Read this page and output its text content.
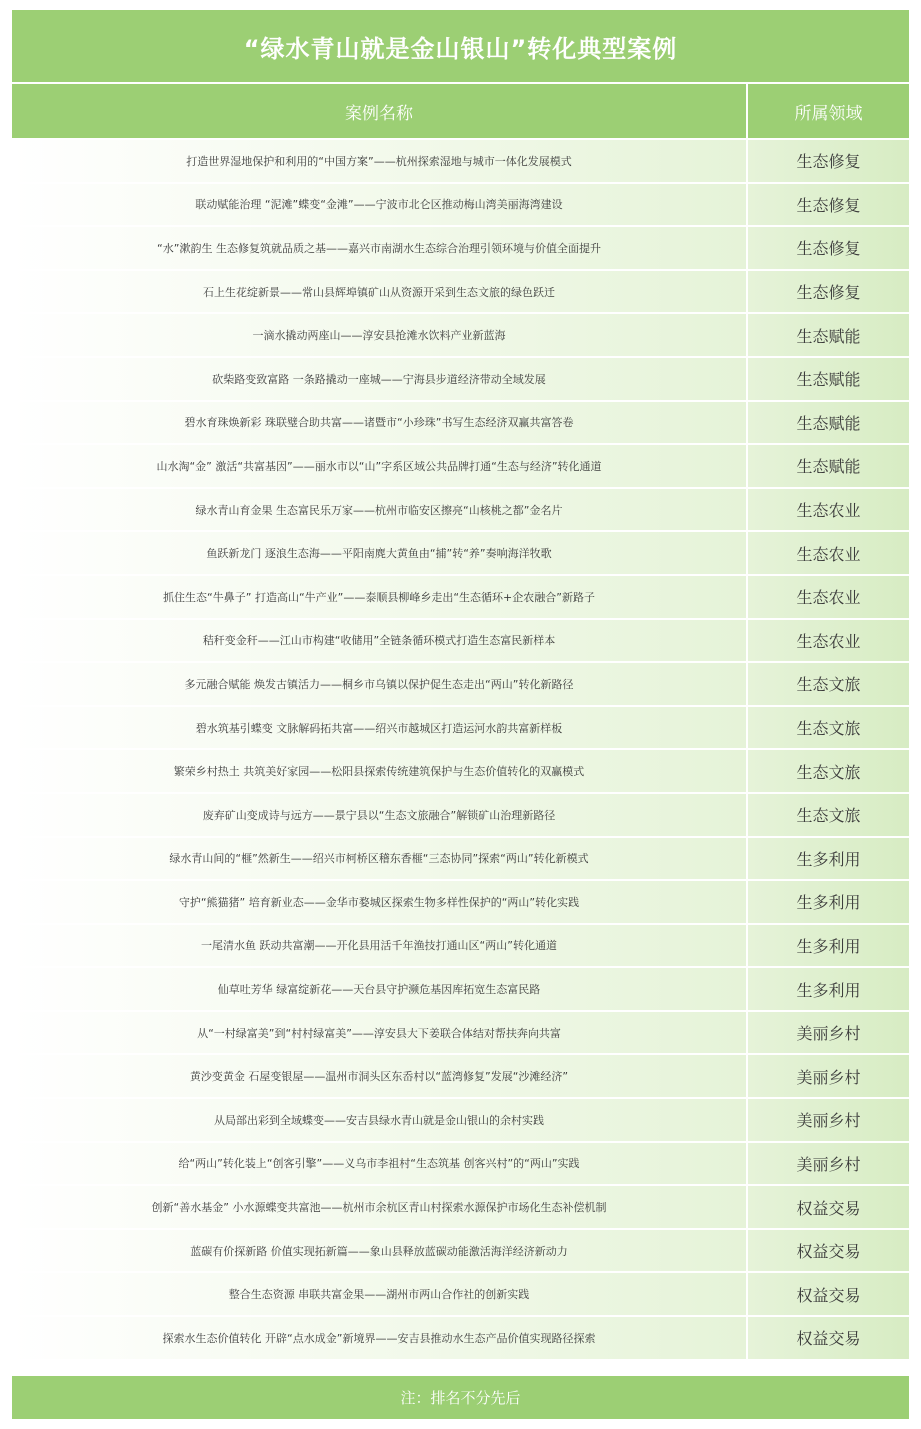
“绿水青山就是金山银山”转化典型案例
案例名称	所属领域
打造世界湿地保护和利用的“中国方案”——杭州探索湿地与城市一体化发展模式	生态修复
联动赋能治理 “泥滩”蝶变“金滩”——宁波市北仑区推动梅山湾美丽海湾建设	生态修复
“水”漱韵生 生态修复筑就品质之基——嘉兴市南湖水生态综合治理引领环境与价值全面提升	生态修复
石上生花绽新景——常山县辉埠镇矿山从资源开采到生态文旅的绿色跃迁	生态修复
一滴水撬动两座山——淳安县抢滩水饮料产业新蓝海	生态赋能
砍柴路变致富路 一条路撬动一座城——宁海县步道经济带动全域发展	生态赋能
碧水育珠焕新彩 珠联璧合助共富——诸暨市“小珍珠”书写生态经济双赢共富答卷	生态赋能
山水淘“金” 激活“共富基因”——丽水市以“山”字系区域公共品牌打通“生态与经济”转化通道	生态赋能
绿水青山育金果 生态富民乐万家——杭州市临安区擦亮“山核桃之都”金名片	生态农业
鱼跃新龙门 逐浪生态海——平阳南麂大黄鱼由“捕”转“养”奏响海洋牧歌	生态农业
抓住生态“牛鼻子” 打造高山“牛产业”——泰顺县柳峰乡走出“生态循环+企农融合”新路子	生态农业
秸秆变金秆——江山市构建“收储用”全链条循环模式打造生态富民新样本	生态农业
多元融合赋能 焕发古镇活力——桐乡市乌镇以保护促生态走出“两山”转化新路径	生态文旅
碧水筑基引蝶变 文脉解码拓共富——绍兴市越城区打造运河水韵共富新样板	生态文旅
繁荣乡村热土 共筑美好家园——松阳县探索传统建筑保护与生态价值转化的双赢模式	生态文旅
废弃矿山变成诗与远方——景宁县以“生态文旅融合”解锁矿山治理新路径	生态文旅
绿水青山间的“榧”然新生——绍兴市柯桥区稽东香榧“三态协同”探索“两山”转化新模式	生多利用
守护“熊猫猪” 培育新业态——金华市婺城区探索生物多样性保护的“两山”转化实践	生多利用
一尾清水鱼 跃动共富潮——开化县用活千年渔技打通山区“两山”转化通道	生多利用
仙草吐芳华 绿富绽新花——天台县守护濒危基因库拓宽生态富民路	生多利用
从“一村绿富美”到“村村绿富美”——淳安县大下姜联合体结对帮扶奔向共富	美丽乡村
黄沙变黄金 石屋变银屋——温州市洞头区东岙村以“蓝湾修复”发展“沙滩经济”	美丽乡村
从局部出彩到全域蝶变——安吉县绿水青山就是金山银山的余村实践	美丽乡村
给“两山”转化装上“创客引擎”——义乌市李祖村“生态筑基 创客兴村”的“两山”实践	美丽乡村
创新“善水基金” 小水源蝶变共富池——杭州市余杭区青山村探索水源保护市场化生态补偿机制	权益交易
蓝碳有价探新路 价值实现拓新篇——象山县释放蓝碳动能激活海洋经济新动力	权益交易
整合生态资源 串联共富金果——湖州市两山合作社的创新实践	权益交易
探索水生态价值转化 开辟“点水成金”新境界——安吉县推动水生态产品价值实现路径探索	权益交易
注：排名不分先后
